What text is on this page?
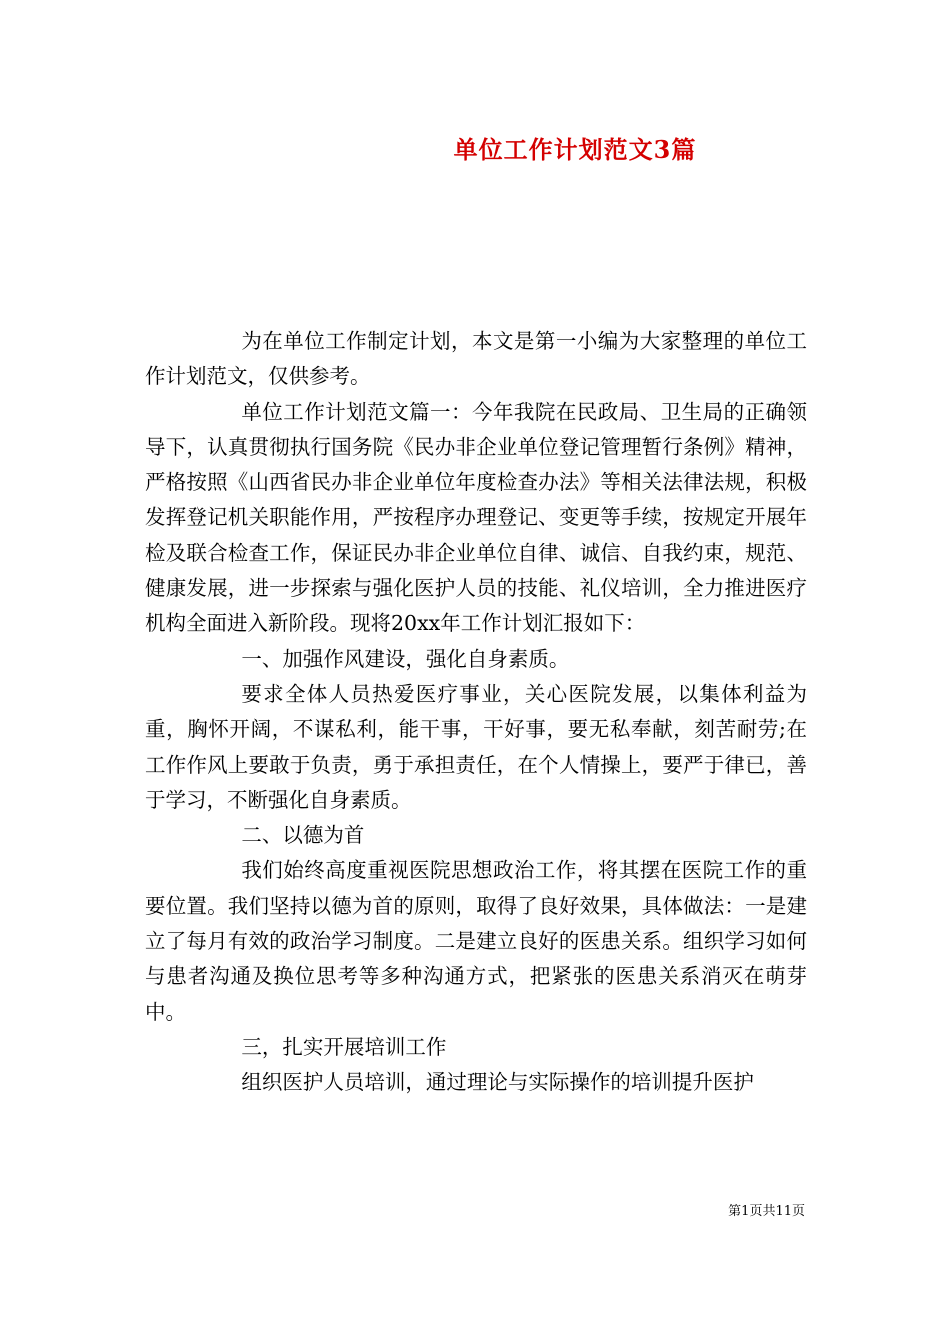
单位工作计划范文3篇

为在单位工作制定计划，本文是第一小编为大家整理的单位工作计划范文，仅供参考。

单位工作计划范文篇一：今年我院在民政局、卫生局的正确领导下，认真贯彻执行国务院《民办非企业单位登记管理暂行条例》精神，严格按照《山西省民办非企业单位年度检查办法》等相关法律法规，积极发挥登记机关职能作用，严按程序办理登记、变更等手续，按规定开展年检及联合检查工作，保证民办非企业单位自律、诚信、自我约束，规范、健康发展，进一步探索与强化医护人员的技能、礼仪培训，全力推进医疗机构全面进入新阶段。现将20xx年工作计划汇报如下：

一、加强作风建设，强化自身素质。

要求全体人员热爱医疗事业，关心医院发展，以集体利益为重，胸怀开阔，不谋私利，能干事，干好事，要无私奉献，刻苦耐劳;在工作作风上要敢于负责，勇于承担责任，在个人情操上，要严于律已，善于学习，不断强化自身素质。

二、以德为首

我们始终高度重视医院思想政治工作，将其摆在医院工作的重要位置。我们坚持以德为首的原则，取得了良好效果，具体做法：一是建立了每月有效的政治学习制度。二是建立良好的医患关系。组织学习如何与患者沟通及换位思考等多种沟通方式，把紧张的医患关系消灭在萌芽中。

三，扎实开展培训工作

组织医护人员培训，通过理论与实际操作的培训提升医护

第1页共11页
